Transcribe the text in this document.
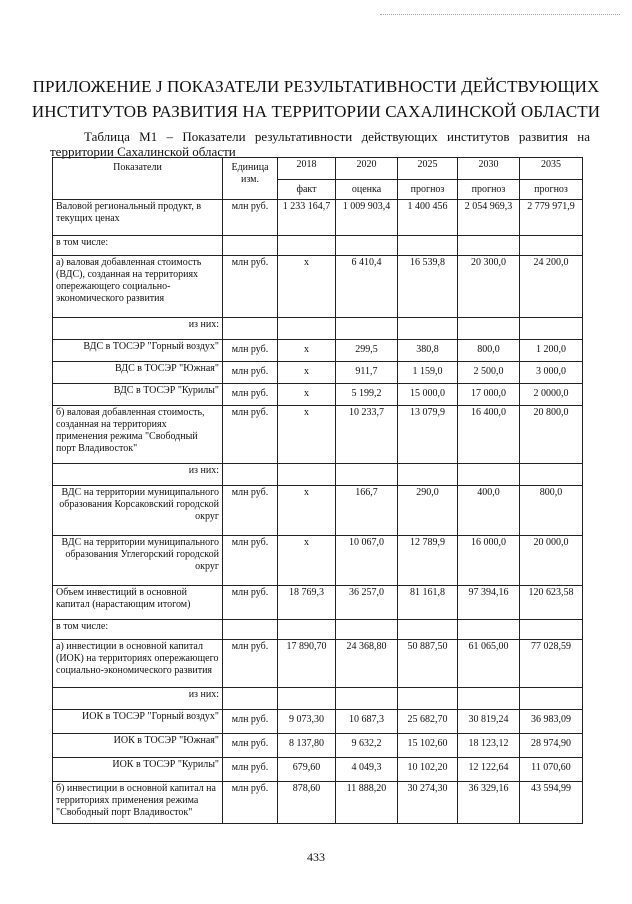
ПРИЛОЖЕНИЕ J ПОКАЗАТЕЛИ РЕЗУЛЬТАТИВНОСТИ ДЕЙСТВУЮЩИХ
ИНСТИТУТОВ РАЗВИТИЯ НА ТЕРРИТОРИИ САХАЛИНСКОЙ ОБЛАСТИ
Таблица М1 – Показатели результативности действующих институтов развития на территории Сахалинской области
Показатели	Единица изм.	2018	2020	2025	2030	2035
		факт	оценка	прогноз	прогноз	прогноз
Валовой региональный продукт, в текущих ценах	млн руб.	1 233 164,7	1 009 903,4	1 400 456	2 054 969,3	2 779 971,9
в том числе:						
а) валовая добавленная стоимость (ВДС), созданная на территориях опережающего социально-экономического развития	млн руб.	х	6 410,4	16 539,8	20 300,0	24 200,0
из них:						
ВДС в ТОСЭР "Горный воздух"	млн руб.	х	299,5	380,8	800,0	1 200,0
ВДС в ТОСЭР "Южная"	млн руб.	х	911,7	1 159,0	2 500,0	3 000,0
ВДС в ТОСЭР "Курилы"	млн руб.	х	5 199,2	15 000,0	17 000,0	2 0000,0
б) валовая добавленная стоимость, созданная на территориях применения режима "Свободный порт Владивосток"	млн руб.	х	10 233,7	13 079,9	16 400,0	20 800,0
из них:						
ВДС на территории муниципального образования Корсаковский городской округ	млн руб.	х	166,7	290,0	400,0	800,0
ВДС на территории муниципального образования Углегорский городской округ	млн руб.	х	10 067,0	12 789,9	16 000,0	20 000,0
Объем инвестиций в основной капитал (нарастающим итогом)	млн руб.	18 769,3	36 257,0	81 161,8	97 394,16	120 623,58
в том числе:						
а) инвестиции в основной капитал (ИОК) на территориях опережающего социально-экономического развития	млн руб.	17 890,70	24 368,80	50 887,50	61 065,00	77 028,59
из них:						
ИОК в ТОСЭР "Горный воздух"	млн руб.	9 073,30	10 687,3	25 682,70	30 819,24	36 983,09
ИОК в ТОСЭР "Южная"	млн руб.	8 137,80	9 632,2	15 102,60	18 123,12	28 974,90
ИОК в ТОСЭР "Курилы"	млн руб.	679,60	4 049,3	10 102,20	12 122,64	11 070,60
б) инвестиции в основной капитал на территориях применения режима "Свободный порт Владивосток"	млн руб.	878,60	11 888,20	30 274,30	36 329,16	43 594,99
433
